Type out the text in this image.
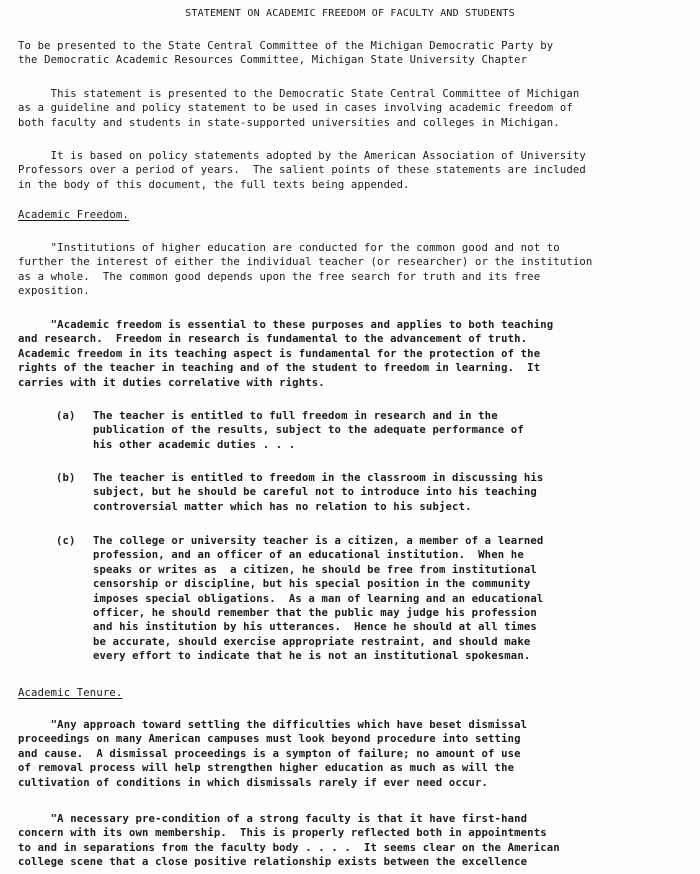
STATEMENT ON ACADEMIC FREEDOM OF FACULTY AND STUDENTS

To be presented to the State Central Committee of the Michigan Democratic Party by
the Democratic Academic Resources Committee, Michigan State University Chapter

This statement is presented to the Democratic State Central Committee of Michigan
as a guideline and policy statement to be used in cases involving academic freedom of
both faculty and students in state-supported universities and colleges in Michigan.

It is based on policy statements adopted by the American Association of University
Professors over a period of years.  The salient points of these statements are included
in the body of this document, the full texts being appended.

Academic Freedom.

"Institutions of higher education are conducted for the common good and not to
further the interest of either the individual teacher (or researcher) or the institution
as a whole.  The common good depends upon the free search for truth and its free
exposition.

"Academic freedom is essential to these purposes and applies to both teaching
and research.  Freedom in research is fundamental to the advancement of truth.
Academic freedom in its teaching aspect is fundamental for the protection of the
rights of the teacher in teaching and of the student to freedom in learning.  It
carries with it duties correlative with rights.

(a) The teacher is entitled to full freedom in research and in the
publication of the results, subject to the adequate performance of
his other academic duties . . .

(b) The teacher is entitled to freedom in the classroom in discussing his
subject, but he should be careful not to introduce into his teaching
controversial matter which has no relation to his subject.

(c) The college or university teacher is a citizen, a member of a learned
profession, and an officer of an educational institution.  When he
speaks or writes as  a citizen, he should be free from institutional
censorship or discipline, but his special position in the community
imposes special obligations.  As a man of learning and an educational
officer, he should remember that the public may judge his profession
and his institution by his utterances.  Hence he should at all times
be accurate, should exercise appropriate restraint, and should make
every effort to indicate that he is not an institutional spokesman.

Academic Tenure.

"Any approach toward settling the difficulties which have beset dismissal
proceedings on many American campuses must look beyond procedure into setting
and cause.  A dismissal proceedings is a sympton of failure; no amount of use
of removal process will help strengthen higher education as much as will the
cultivation of conditions in which dismissals rarely if ever need occur.

"A necessary pre-condition of a strong faculty is that it have first-hand
concern with its own membership.  This is properly reflected both in appointments
to and in separations from the faculty body . . . .  It seems clear on the American
college scene that a close positive relationship exists between the excellence
